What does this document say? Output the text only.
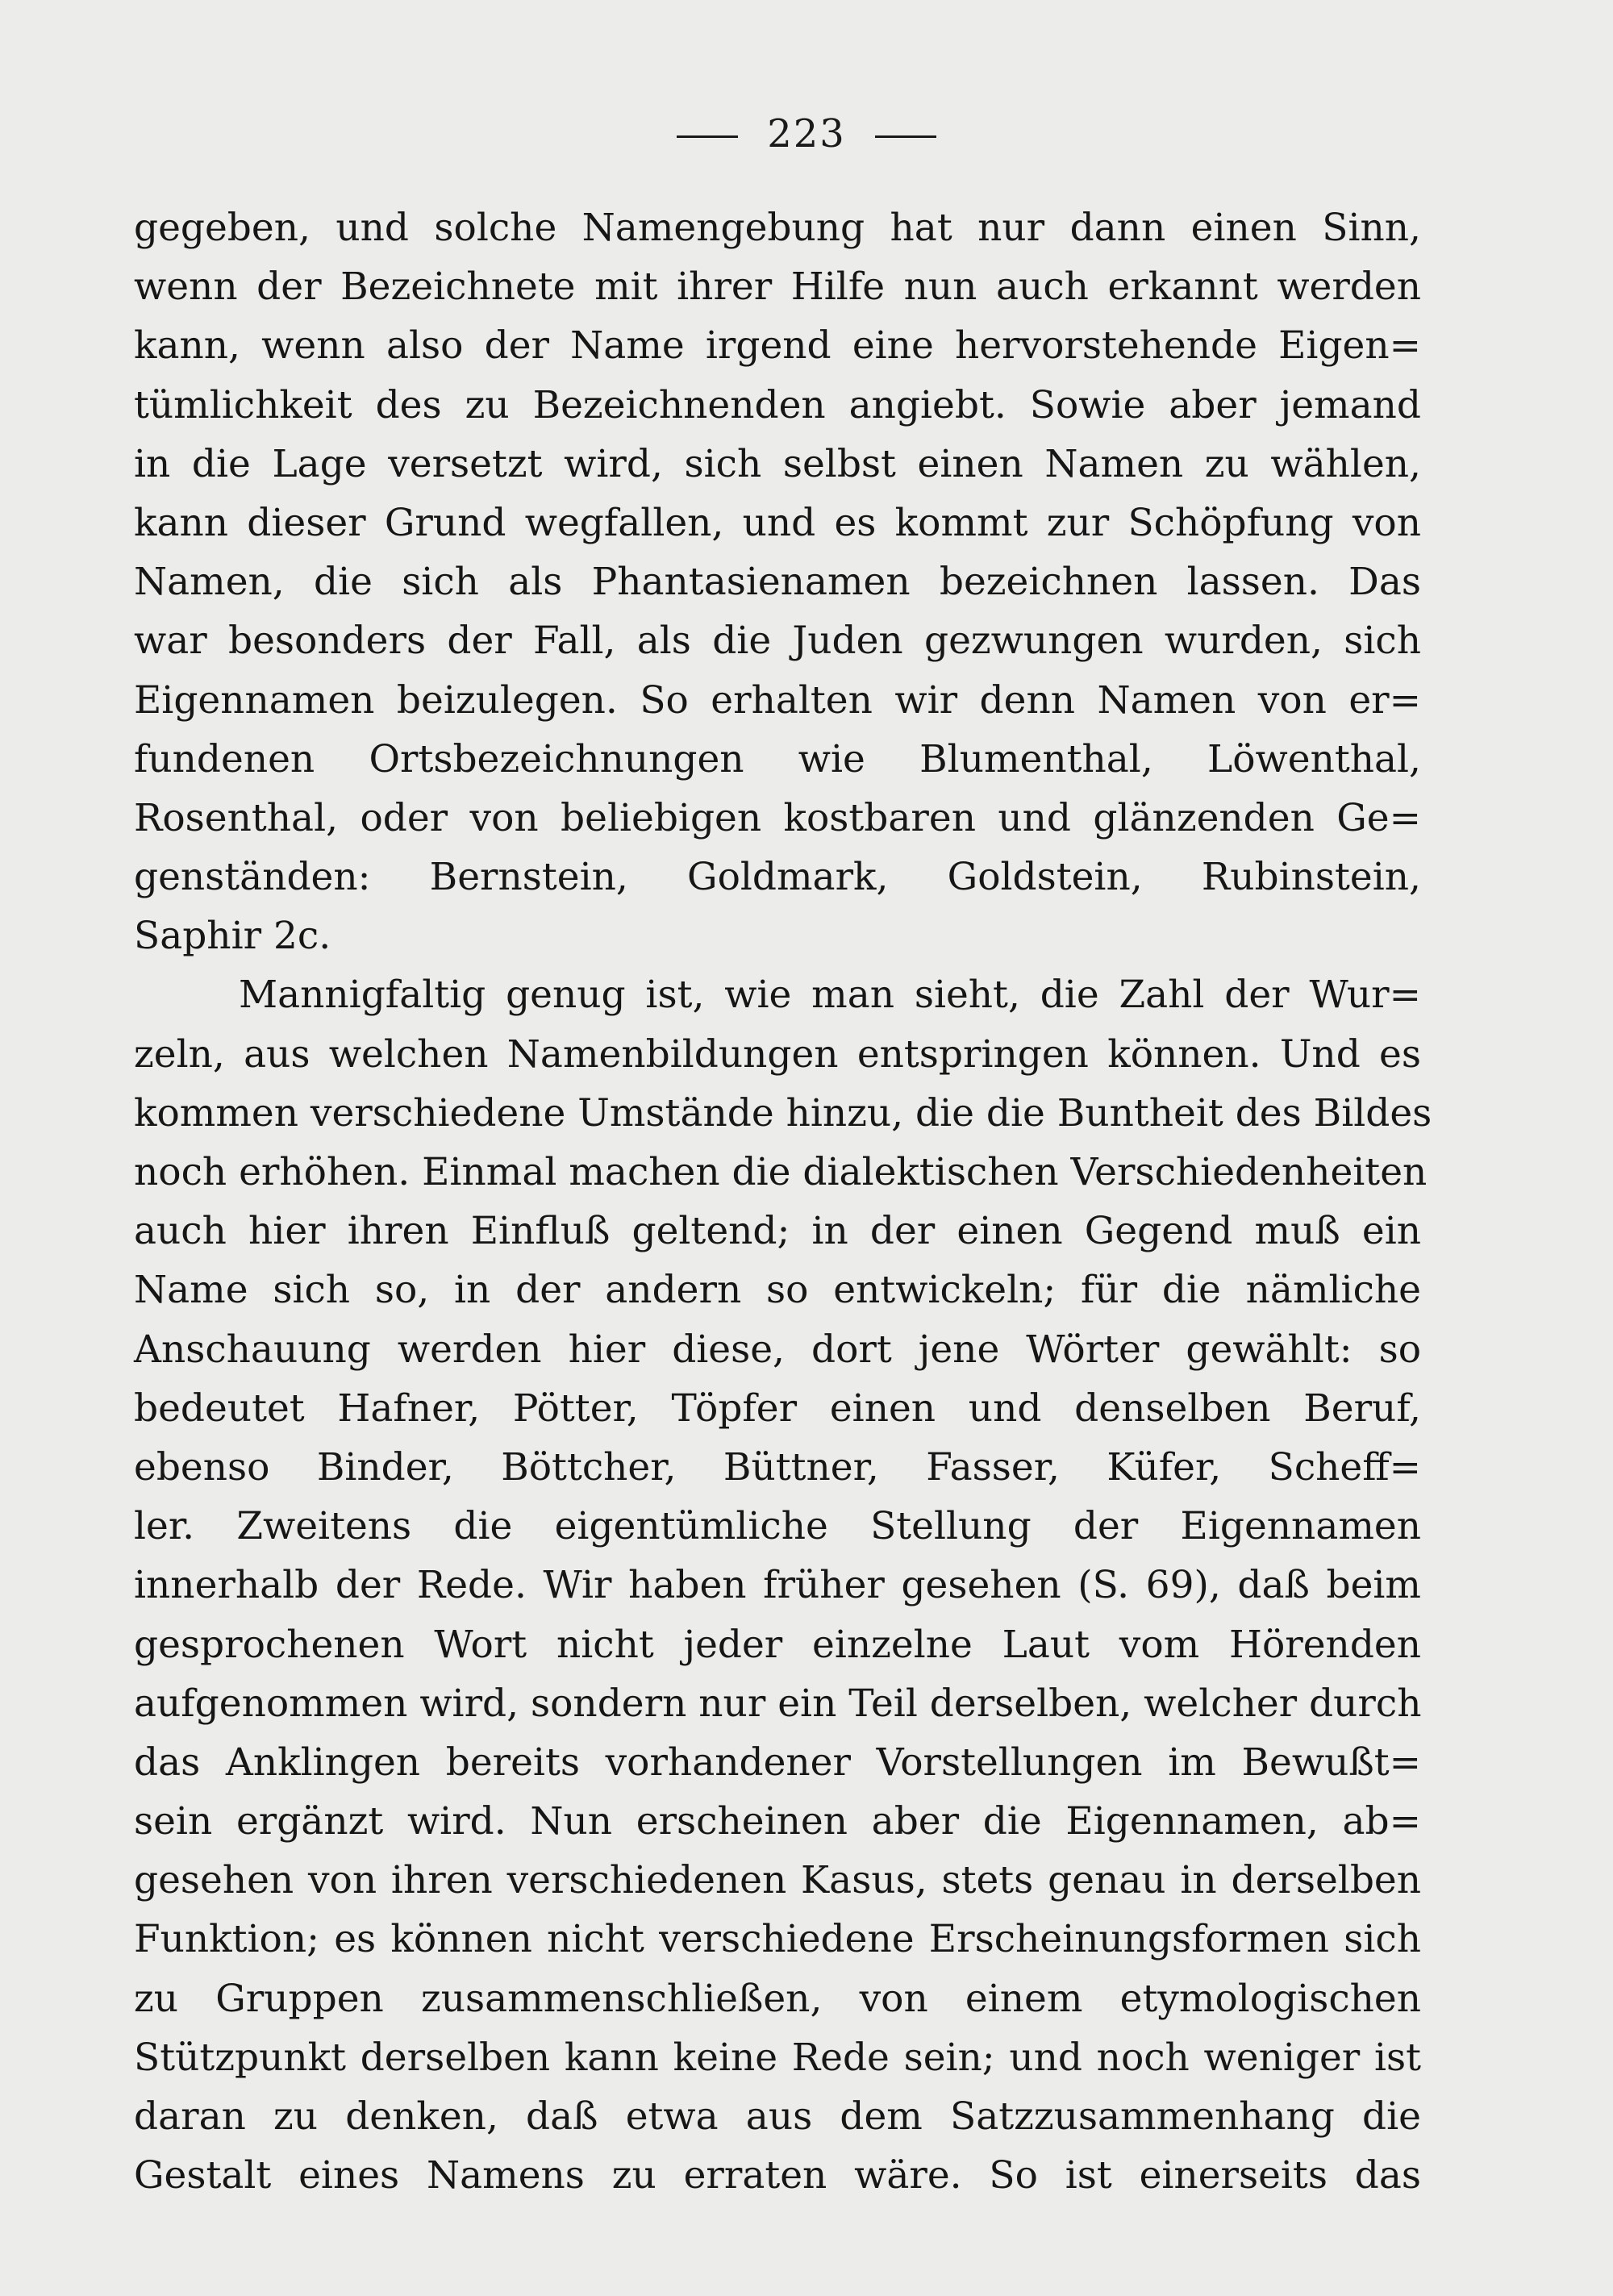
223
gegeben, und solche Namengebung hat nur dann einen Sinn,
wenn der Bezeichnete mit ihrer Hilfe nun auch erkannt werden
kann, wenn also der Name irgend eine hervorstehende Eigen=
tümlichkeit des zu Bezeichnenden angiebt. Sowie aber jemand
in die Lage versetzt wird, sich selbst einen Namen zu wählen,
kann dieser Grund wegfallen, und es kommt zur Schöpfung von
Namen, die sich als Phantasienamen bezeichnen lassen. Das
war besonders der Fall, als die Juden gezwungen wurden, sich
Eigennamen beizulegen. So erhalten wir denn Namen von er=
fundenen Ortsbezeichnungen wie Blumenthal, Löwenthal,
Rosenthal, oder von beliebigen kostbaren und glänzenden Ge=
genständen: Bernstein, Goldmark, Goldstein, Rubinstein,
Saphir 2c.
Mannigfaltig genug ist, wie man sieht, die Zahl der Wur=
zeln, aus welchen Namenbildungen entspringen können. Und es
kommen verschiedene Umstände hinzu, die die Buntheit des Bildes
noch erhöhen. Einmal machen die dialektischen Verschiedenheiten
auch hier ihren Einfluß geltend; in der einen Gegend muß ein
Name sich so, in der andern so entwickeln; für die nämliche
Anschauung werden hier diese, dort jene Wörter gewählt: so
bedeutet Hafner, Pötter, Töpfer einen und denselben Beruf,
ebenso Binder, Böttcher, Büttner, Fasser, Küfer, Scheff=
ler. Zweitens die eigentümliche Stellung der Eigennamen
innerhalb der Rede. Wir haben früher gesehen (S. 69), daß beim
gesprochenen Wort nicht jeder einzelne Laut vom Hörenden
aufgenommen wird, sondern nur ein Teil derselben, welcher durch
das Anklingen bereits vorhandener Vorstellungen im Bewußt=
sein ergänzt wird. Nun erscheinen aber die Eigennamen, ab=
gesehen von ihren verschiedenen Kasus, stets genau in derselben
Funktion; es können nicht verschiedene Erscheinungsformen sich
zu Gruppen zusammenschließen, von einem etymologischen
Stützpunkt derselben kann keine Rede sein; und noch weniger ist
daran zu denken, daß etwa aus dem Satzzusammenhang die
Gestalt eines Namens zu erraten wäre. So ist einerseits das
